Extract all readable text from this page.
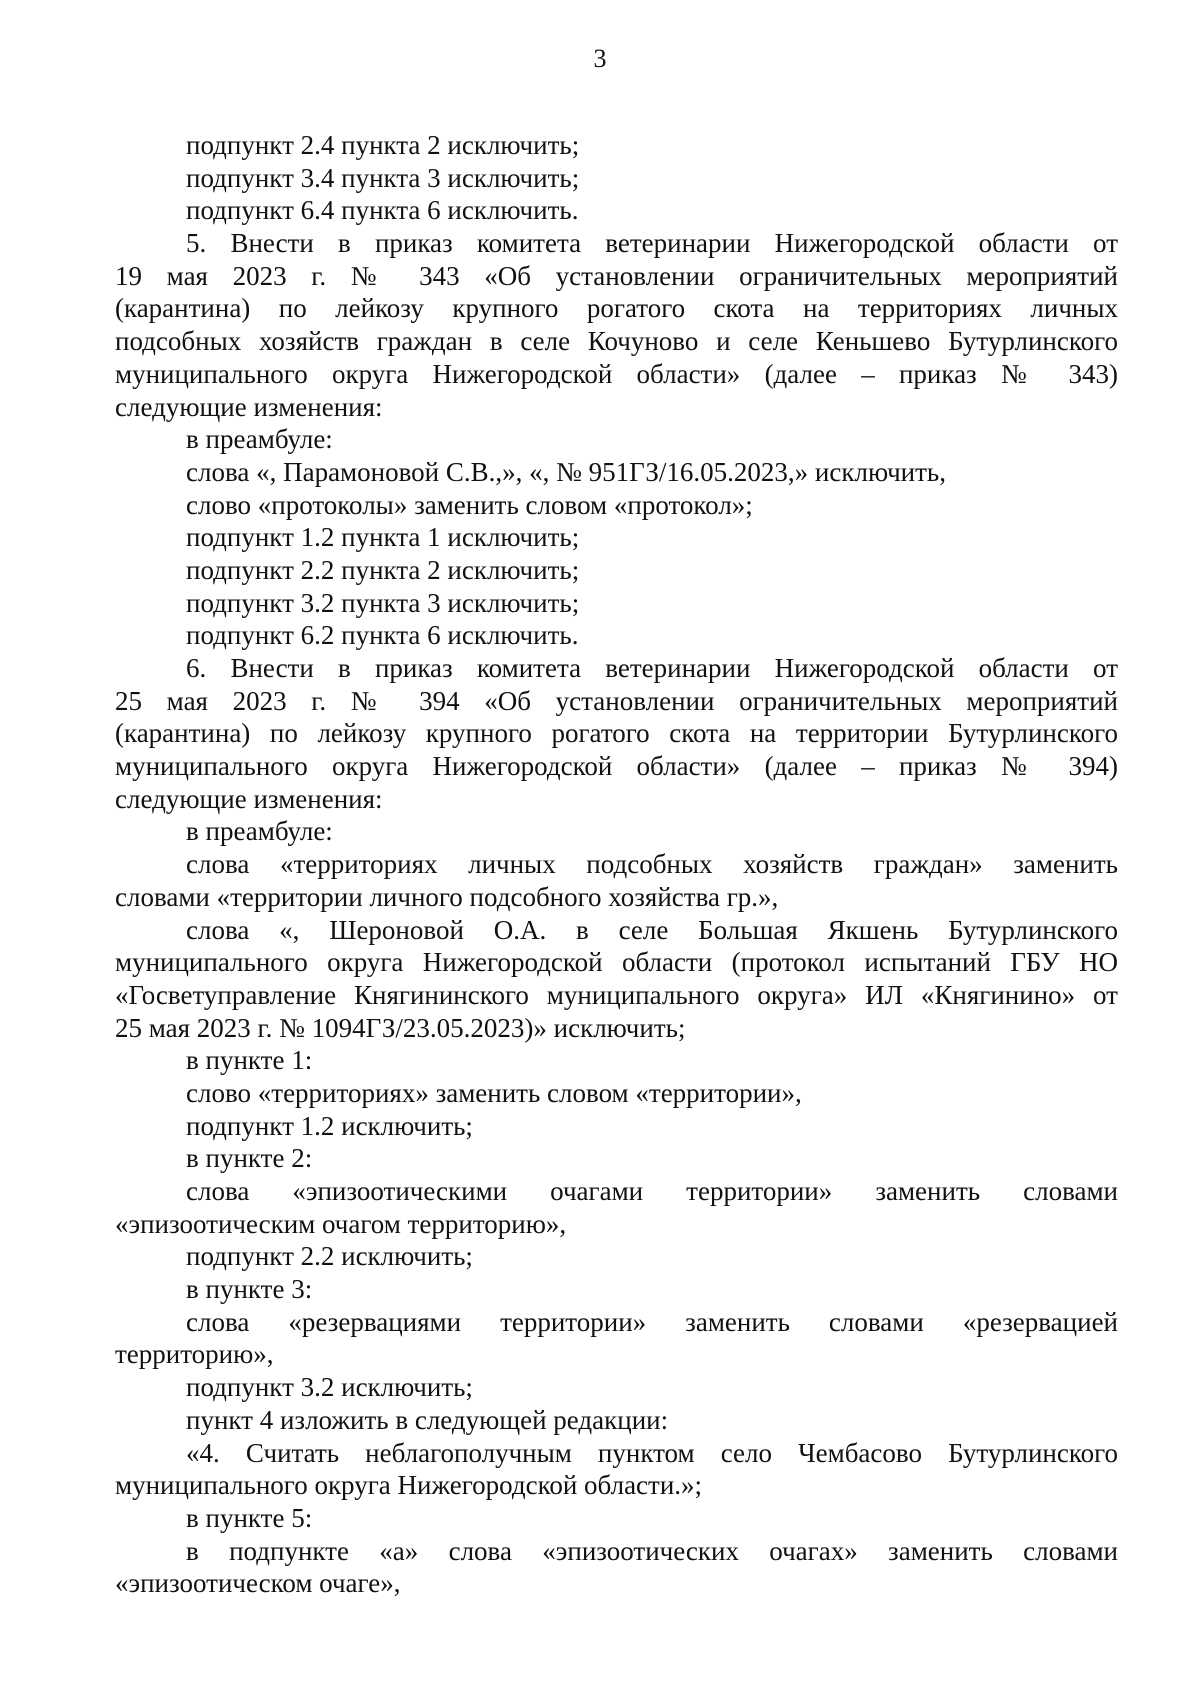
3
подпункт 2.4 пункта 2 исключить;
подпункт 3.4 пункта 3 исключить;
подпункт 6.4 пункта 6 исключить.
5. Внести в приказ комитета ветеринарии Нижегородской области от
19 мая 2023 г. № 343 «Об установлении ограничительных мероприятий
(карантина) по лейкозу крупного рогатого скота на территориях личных
подсобных хозяйств граждан в селе Кочуново и селе Кеньшево Бутурлинского
муниципального округа Нижегородской области» (далее – приказ № 343)
следующие изменения:
в преамбуле:
слова «, Парамоновой С.В.,», «, № 951ГЗ/16.05.2023,» исключить,
слово «протоколы» заменить словом «протокол»;
подпункт 1.2 пункта 1 исключить;
подпункт 2.2 пункта 2 исключить;
подпункт 3.2 пункта 3 исключить;
подпункт 6.2 пункта 6 исключить.
6. Внести в приказ комитета ветеринарии Нижегородской области от
25 мая 2023 г. № 394 «Об установлении ограничительных мероприятий
(карантина) по лейкозу крупного рогатого скота на территории Бутурлинского
муниципального округа Нижегородской области» (далее – приказ № 394)
следующие изменения:
в преамбуле:
слова «территориях личных подсобных хозяйств граждан» заменить
словами «территории личного подсобного хозяйства гр.»,
слова «, Шероновой О.А. в селе Большая Якшень Бутурлинского
муниципального округа Нижегородской области (протокол испытаний ГБУ НО
«Госветуправление Княгининского муниципального округа» ИЛ «Княгинино» от
25 мая 2023 г. № 1094ГЗ/23.05.2023)» исключить;
в пункте 1:
слово «территориях» заменить словом «территории»,
подпункт 1.2 исключить;
в пункте 2:
слова «эпизоотическими очагами территории» заменить словами
«эпизоотическим очагом территорию»,
подпункт 2.2 исключить;
в пункте 3:
слова «резервациями территории» заменить словами «резервацией
территорию»,
подпункт 3.2 исключить;
пункт 4 изложить в следующей редакции:
«4. Считать неблагополучным пунктом село Чембасово Бутурлинского
муниципального округа Нижегородской области.»;
в пункте 5:
в подпункте «а» слова «эпизоотических очагах» заменить словами
«эпизоотическом очаге»,
